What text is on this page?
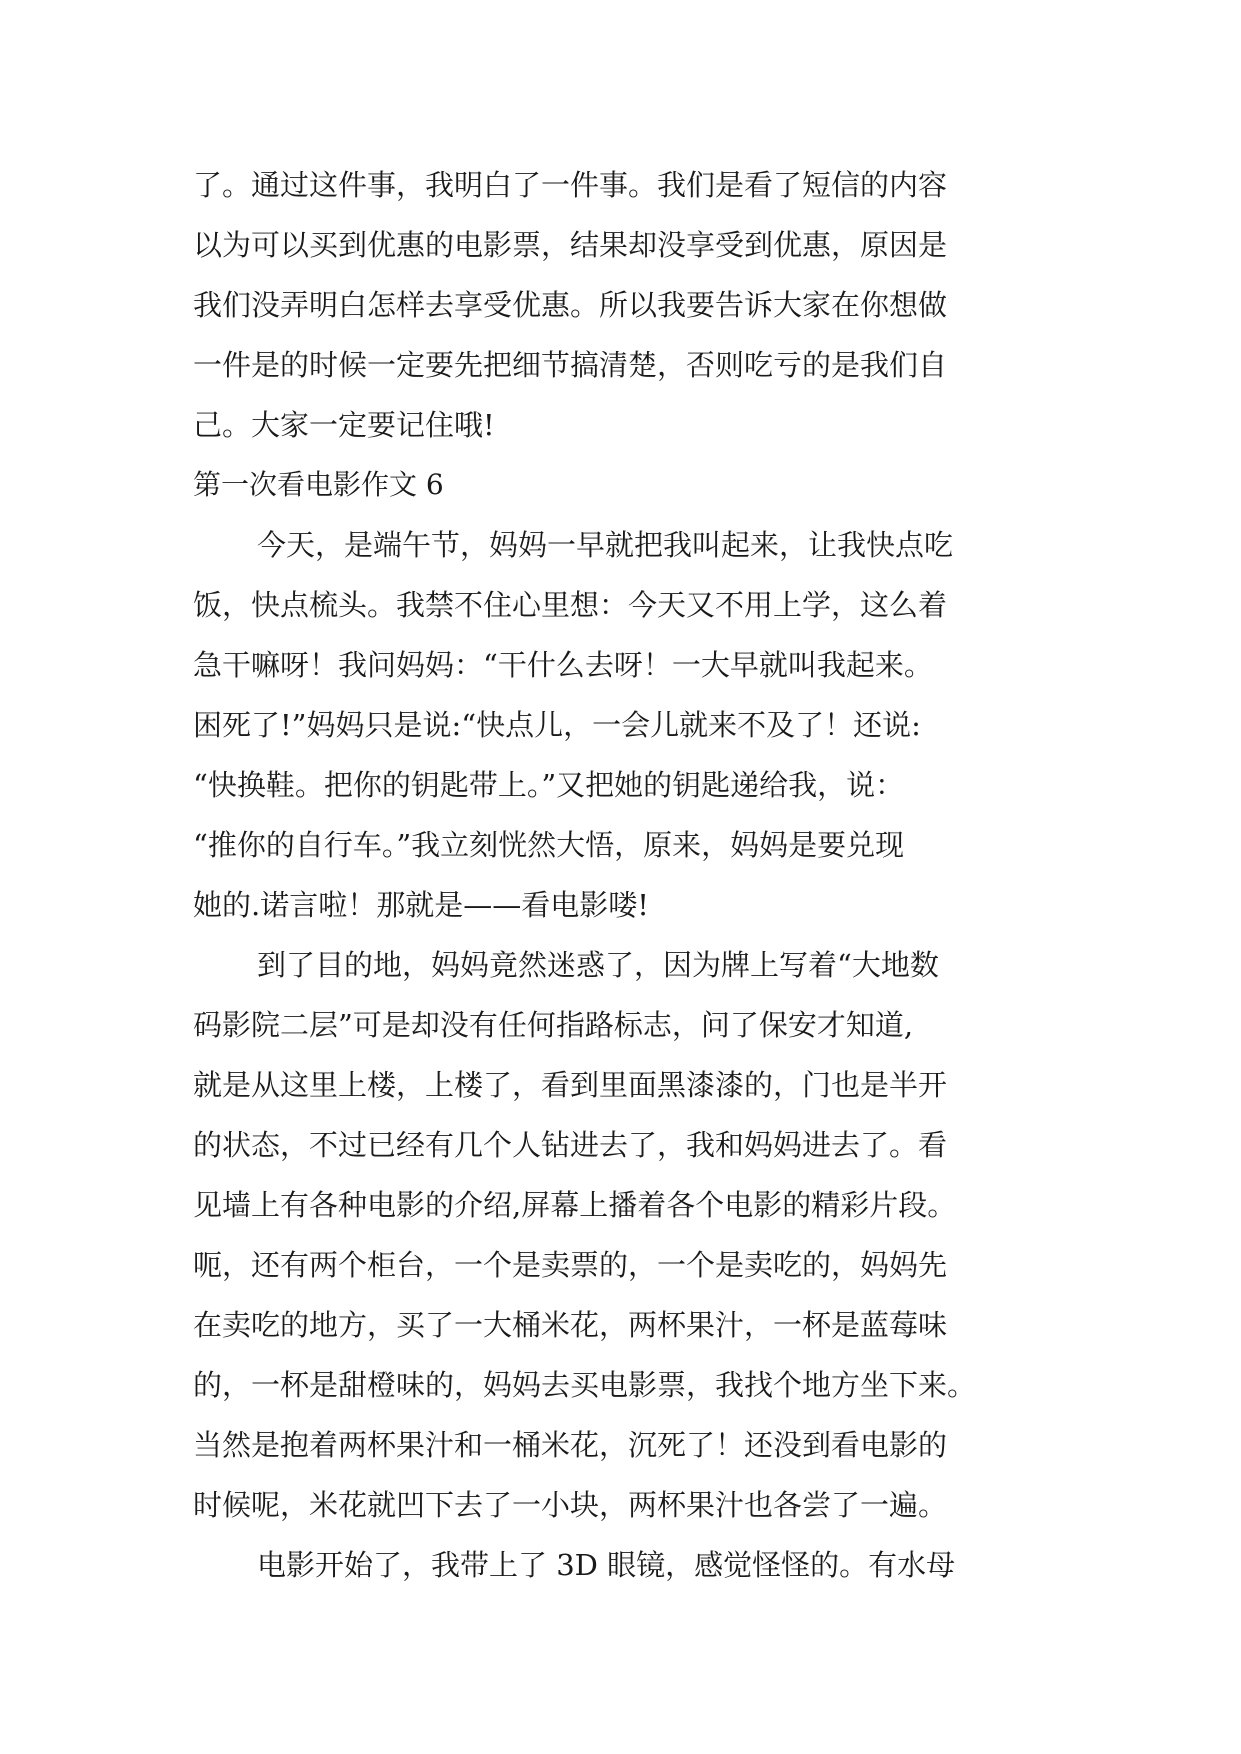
了。通过这件事，我明白了一件事。我们是看了短信的内容
以为可以买到优惠的电影票，结果却没享受到优惠，原因是
我们没弄明白怎样去享受优惠。所以我要告诉大家在你想做
一件是的时候一定要先把细节搞清楚，否则吃亏的是我们自
己。大家一定要记住哦!
第一次看电影作文 6
今天，是端午节，妈妈一早就把我叫起来，让我快点吃
饭，快点梳头。我禁不住心里想：今天又不用上学，这么着
急干嘛呀！我问妈妈：“干什么去呀！一大早就叫我起来。
困死了!”妈妈只是说:“快点儿，一会儿就来不及了！还说:
“快换鞋。把你的钥匙带上。”又把她的钥匙递给我，说：
“推你的自行车。”我立刻恍然大悟，原来，妈妈是要兑现
她的.诺言啦！那就是——看电影喽!
到了目的地，妈妈竟然迷惑了，因为牌上写着“大地数
码影院二层”可是却没有任何指路标志，问了保安才知道,
就是从这里上楼，上楼了，看到里面黑漆漆的，门也是半开
的状态，不过已经有几个人钻进去了，我和妈妈进去了。看
见墙上有各种电影的介绍,屏幕上播着各个电影的精彩片段。
呃，还有两个柜台，一个是卖票的，一个是卖吃的，妈妈先
在卖吃的地方，买了一大桶米花，两杯果汁，一杯是蓝莓味
的，一杯是甜橙味的，妈妈去买电影票，我找个地方坐下来。
当然是抱着两杯果汁和一桶米花，沉死了！还没到看电影的
时候呢，米花就凹下去了一小块，两杯果汁也各尝了一遍。
电影开始了，我带上了 3D 眼镜，感觉怪怪的。有水母
